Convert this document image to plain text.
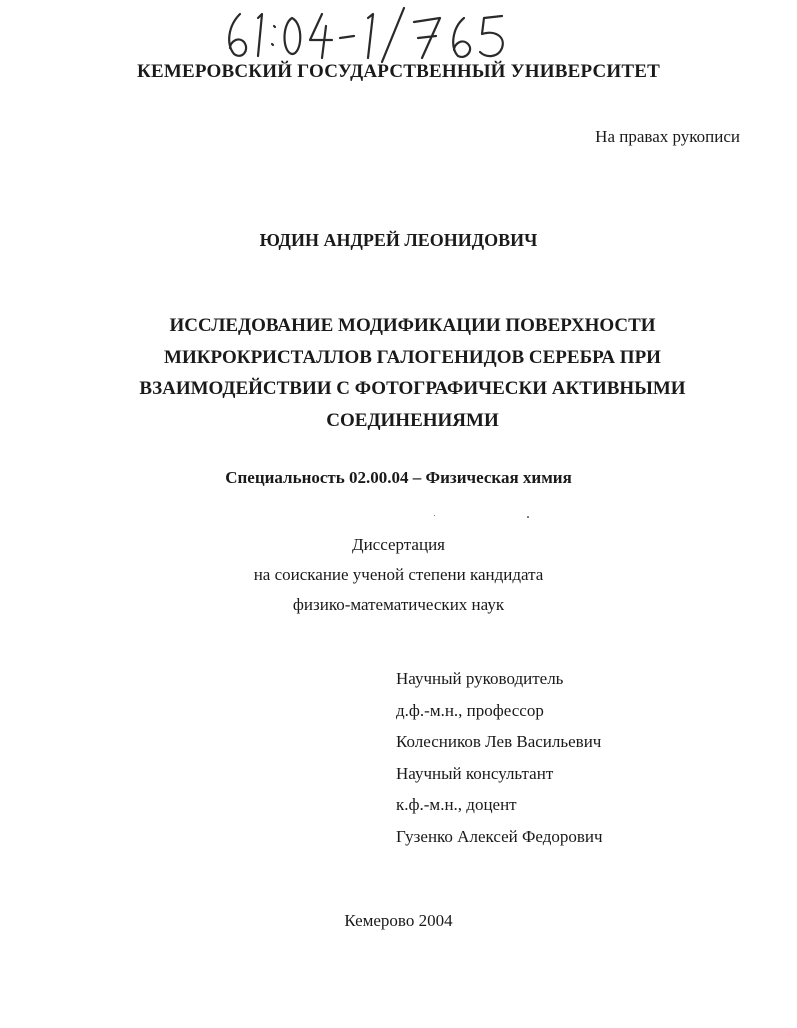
КЕМЕРОВСКИЙ ГОСУДАРСТВЕННЫЙ УНИВЕРСИТЕТ
На правах рукописи
ЮДИН АНДРЕЙ ЛЕОНИДОВИЧ
ИССЛЕДОВАНИЕ МОДИФИКАЦИИ ПОВЕРХНОСТИ
МИКРОКРИСТАЛЛОВ ГАЛОГЕНИДОВ СЕРЕБРА ПРИ
ВЗАИМОДЕЙСТВИИ С ФОТОГРАФИЧЕСКИ АКТИВНЫМИ
СОЕДИНЕНИЯМИ
Специальность 02.00.04 – Физическая химия
Диссертация
на соискание ученой степени кандидата
физико-математических наук
Научный руководитель
д.ф.-м.н., профессор
Колесников Лев Васильевич
Научный консультант
к.ф.-м.н., доцент
Гузенко Алексей Федорович
Кемерово 2004
